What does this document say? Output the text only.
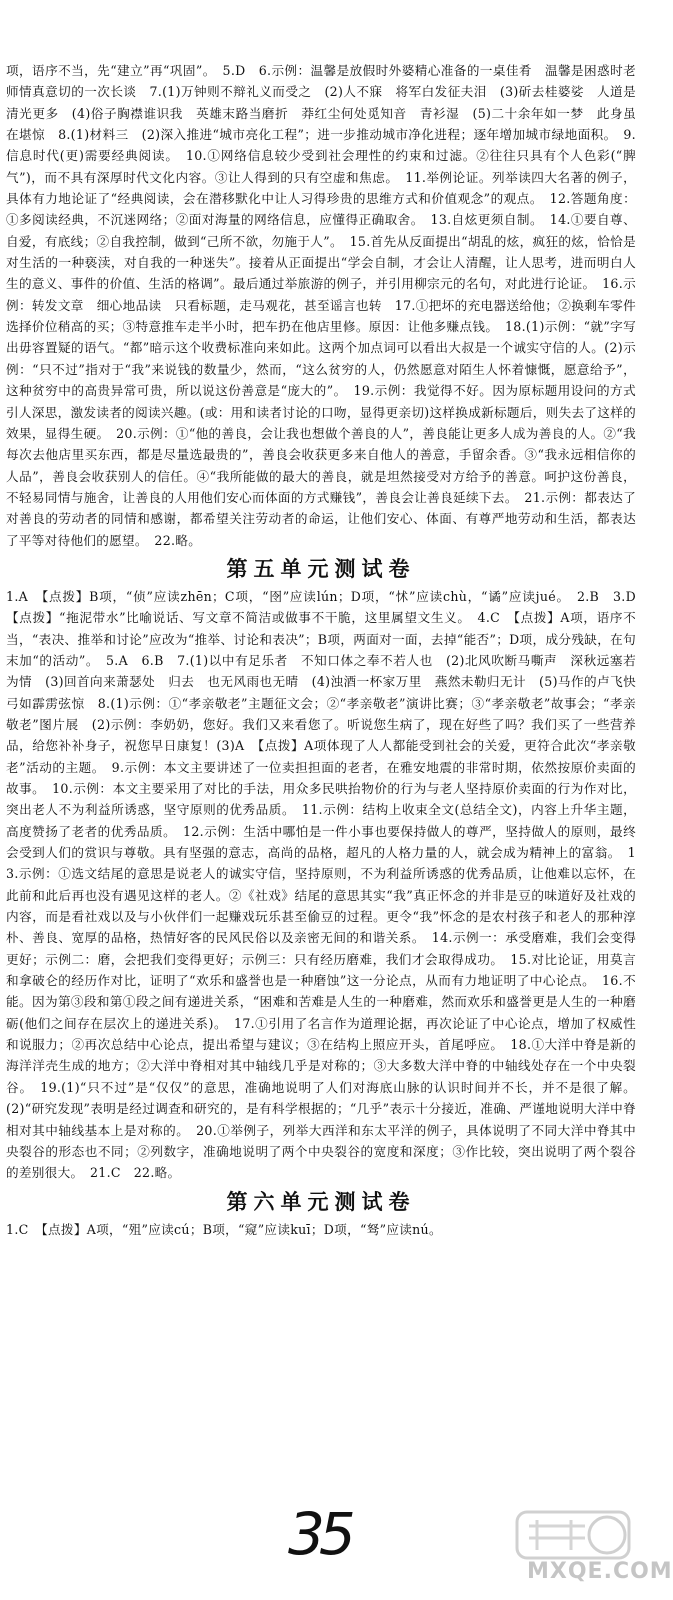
项，语序不当，先“建立”再“巩固”。　5.D　6.示例：温馨是放假时外婆精心准备的一桌佳肴　温馨是困惑时老师情真意切的一次长谈　7.(1)万钟则不辩礼义而受之　(2)人不寐　将军白发征夫泪　(3)斫去桂婆娑　人道是　清光更多　(4)俗子胸襟谁识我　英雄末路当磨折　莽红尘何处觅知音　青衫湿　(5)二十余年如一梦　此身虽在堪惊　8.(1)材料三　(2)深入推进“城市亮化工程”；进一步推动城市净化进程；逐年增加城市绿地面积。　9.信息时代(更)需要经典阅读。　10.①网络信息较少受到社会理性的约束和过滤。②往往只具有个人色彩(“脾气”)，而不具有深厚时代文化内容。③让人得到的只有空虚和焦虑。　11.举例论证。列举读四大名著的例子，具体有力地论证了“经典阅读，会在潜移默化中让人习得珍贵的思维方式和价值观念”的观点。　12.答题角度：①多阅读经典，不沉迷网络；②面对海量的网络信息，应懂得正确取舍。　13.自炫更须自制。　14.①要自尊、自爱，有底线；②自我控制，做到“己所不欲，勿施于人”。　15.首先从反面提出“胡乱的炫，疯狂的炫，恰恰是对生活的一种亵渎，对自我的一种迷失”。接着从正面提出“学会自制，才会让人清醒，让人思考，进而明白人生的意义、事件的价值、生活的格调”。最后通过举旅游的例子，并引用柳宗元的名句，对此进行论证。　16.示例：转发文章　细心地品读　只看标题，走马观花，甚至谣言也转　17.①把坏的充电器送给他；②换剩车零件选择价位稍高的买；③特意推车走半小时，把车扔在他店里修。原因：让他多赚点钱。　18.(1)示例：“就”字写出毋容置疑的语气。“都”暗示这个收费标准向来如此。这两个加点词可以看出大叔是一个诚实守信的人。(2)示例：“只不过”指对于“我”来说钱的数量少，然而，“这么贫穷的人，仍然愿意对陌生人怀着慷慨，愿意给予”，这种贫穷中的高贵异常可贵，所以说这份善意是“庞大的”。　19.示例：我觉得不好。因为原标题用设问的方式引人深思，激发读者的阅读兴趣。(或：用和读者讨论的口吻，显得更亲切)这样换成新标题后，则失去了这样的效果，显得生硬。　20.示例：①“他的善良，会让我也想做个善良的人”，善良能让更多人成为善良的人。②“我每次去他店里买东西，都是尽量选最贵的”，善良会收获更多来自他人的善意，手留余香。③“我永远相信你的人品”，善良会收获别人的信任。④“我所能做的最大的善良，就是坦然接受对方给予的善意。呵护这份善良，不轻易同情与施舍，让善良的人用他们安心而体面的方式赚钱”，善良会让善良延续下去。　21.示例：都表达了对善良的劳动者的同情和感谢，都希望关注劳动者的命运，让他们安心、体面、有尊严地劳动和生活，都表达了平等对待他们的愿望。　22.略。

第五单元测试卷

1.A　【点拨】B项，“侦”应读zhēn；C项，“囹”应读lún；D项，“怵”应读chù，“谲”应读jué。　2.B　3.D　【点拨】“拖泥带水”比喻说话、写文章不简洁或做事不干脆，这里属望文生义。　4.C　【点拨】A项，语序不当，“表决、推举和讨论”应改为“推举、讨论和表决”；B项，两面对一面，去掉“能否”；D项，成分残缺，在句末加“的活动”。　5.A　6.B　7.(1)以中有足乐者　不知口体之奉不若人也　(2)北风吹断马嘶声　深秋远塞若为情　(3)回首向来萧瑟处　归去　也无风雨也无晴　(4)浊酒一杯家万里　燕然未勒归无计　(5)马作的卢飞快　弓如霹雳弦惊　8.(1)示例：①“孝亲敬老”主题征文会；②“孝亲敬老”演讲比赛；③“孝亲敬老”故事会；“孝亲敬老”图片展　(2)示例：李奶奶，您好。我们又来看您了。听说您生病了，现在好些了吗？我们买了一些营养品，给您补补身子，祝您早日康复！(3)A　【点拨】A项体现了人人都能受到社会的关爱，更符合此次“孝亲敬老”活动的主题。　9.示例：本文主要讲述了一位卖担担面的老者，在雅安地震的非常时期，依然按原价卖面的故事。　10.示例：本文主要采用了对比的手法，用众多民哄抬物价的行为与老人坚持原价卖面的行为作对比，突出老人不为利益所诱惑，坚守原则的优秀品质。　11.示例：结构上收束全文(总结全文)，内容上升华主题，高度赞扬了老者的优秀品质。　12.示例：生活中哪怕是一件小事也要保持做人的尊严，坚持做人的原则，最终会受到人们的赏识与尊敬。具有坚强的意志，高尚的品格，超凡的人格力量的人，就会成为精神上的富翁。　13.示例：①选文结尾的意思是说老人的诚实守信，坚持原则，不为利益所诱惑的优秀品质，让他难以忘怀，在此前和此后再也没有遇见这样的老人。②《社戏》结尾的意思其实“我”真正怀念的并非是豆的味道好及社戏的内容，而是看社戏以及与小伙伴们一起赚戏玩乐甚至偷豆的过程。更令“我”怀念的是农村孩子和老人的那种淳朴、善良、宽厚的品格，热情好客的民风民俗以及亲密无间的和谐关系。　14.示例一：承受磨难，我们会变得更好；示例二：磨，会把我们变得更好；示例三：只有经历磨难，我们才会取得成功。　15.对比论证，用莫言和拿破仑的经历作对比，证明了“欢乐和盛誉也是一种磨蚀”这一分论点，从而有力地证明了中心论点。　16.不能。因为第③段和第①段之间有递进关系，“困难和苦难是人生的一种磨难，然而欢乐和盛誉更是人生的一种磨砺(他们之间存在层次上的递进关系)。　17.①引用了名言作为道理论据，再次论证了中心论点，增加了权威性和说服力；②再次总结中心论点，提出希望与建议；③在结构上照应开头，首尾呼应。　18.①大洋中脊是新的海洋洋壳生成的地方；②大洋中脊相对其中轴线几乎是对称的；③大多数大洋中脊的中轴线处存在一个中央裂谷。　19.(1)“只不过”是“仅仅”的意思，准确地说明了人们对海底山脉的认识时间并不长，并不是很了解。(2)“研究发现”表明是经过调查和研究的，是有科学根据的；“几乎”表示十分接近，准确、严谨地说明大洋中脊相对其中轴线基本上是对称的。　20.①举例子，列举大西洋和东太平洋的例子，具体说明了不同大洋中脊其中央裂谷的形态也不同；②列数字，准确地说明了两个中央裂谷的宽度和深度；③作比较，突出说明了两个裂谷的差别很大。　21.C　22.略。

第六单元测试卷

1.C　【点拨】A项，“殂”应读cú；B项，“窥”应读kuī；D项，“驽”应读nú。

35
MXQE.COM
